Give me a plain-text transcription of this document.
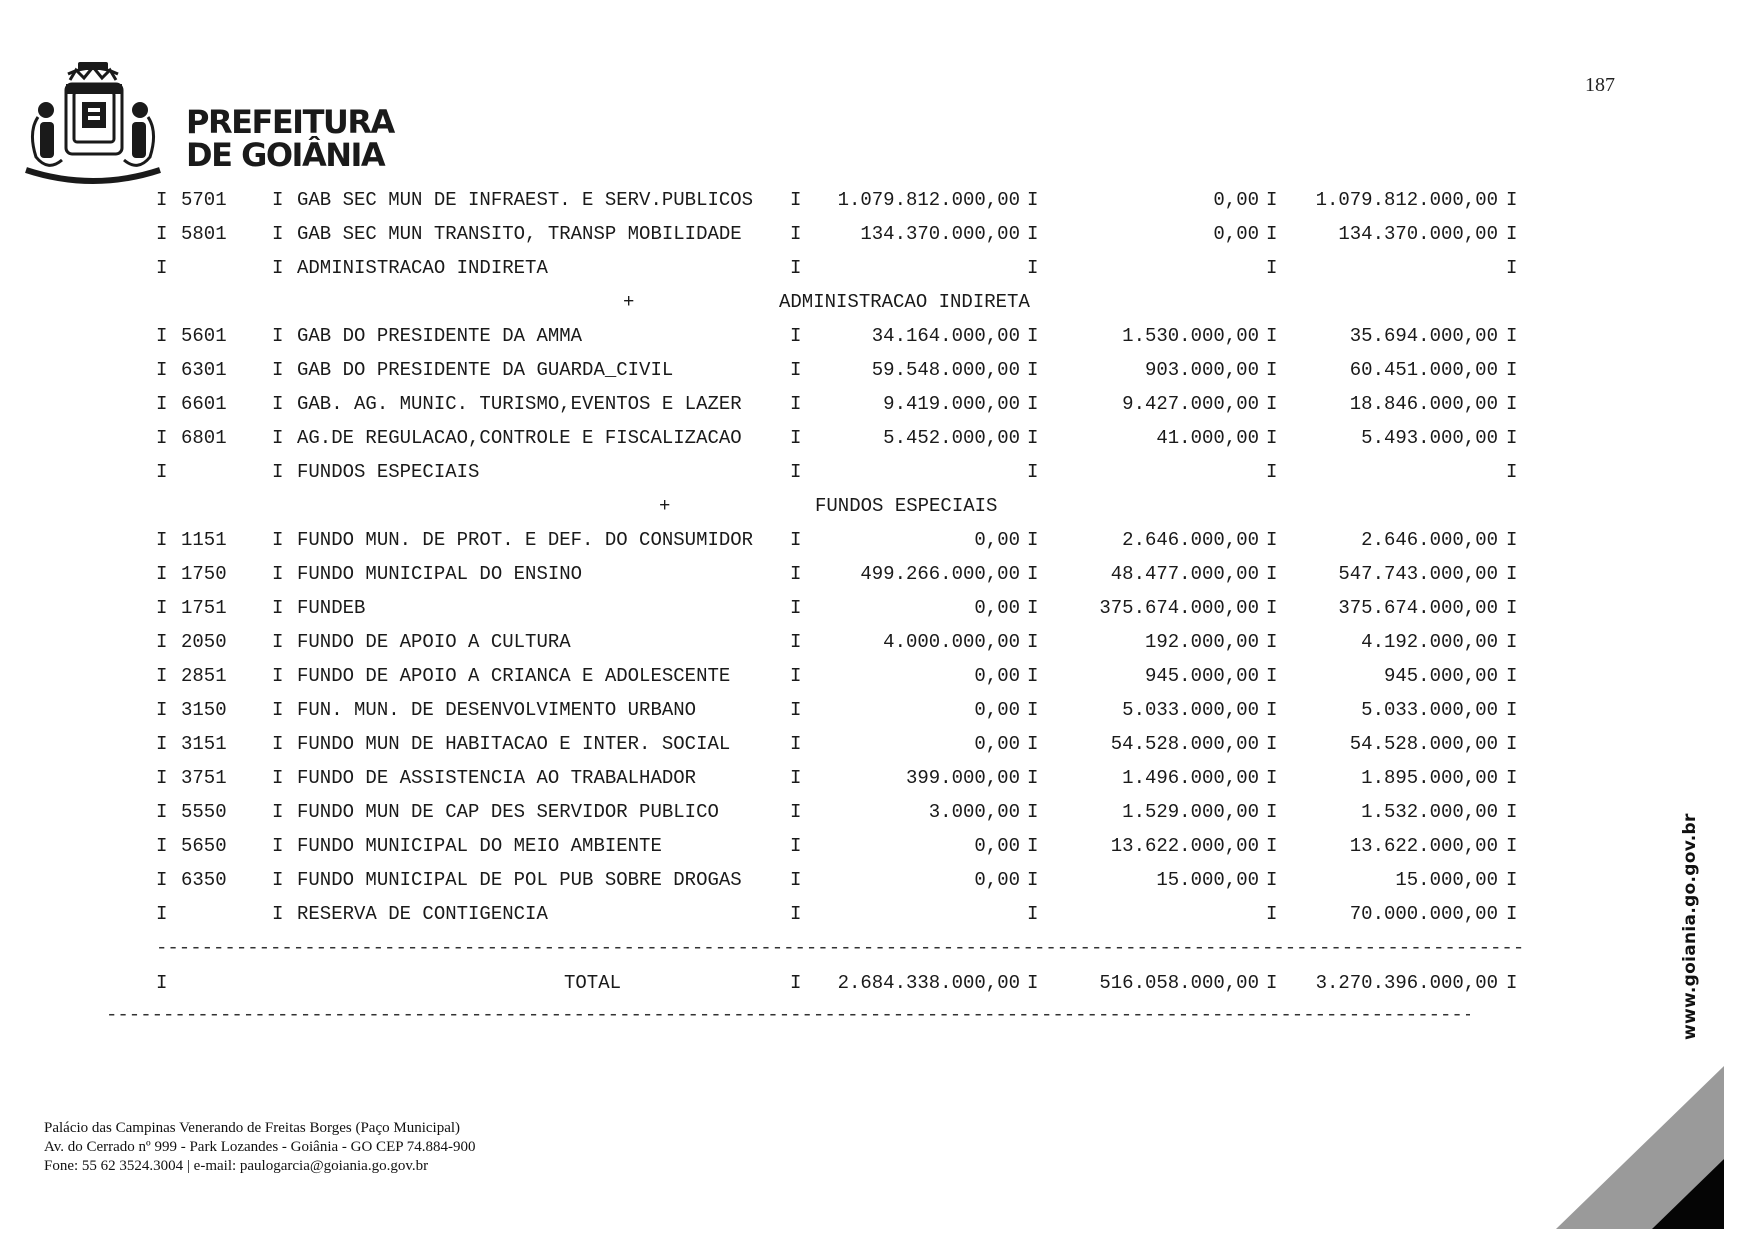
PREFEITURA
DE GOIÂNIA
187
I 5701 I GAB SEC MUN DE INFRAEST. E SERV.PUBLICOS I 1.079.812.000,00 I	0,00 I 1.079.812.000,00 I
I 5801 I GAB SEC MUN TRANSITO, TRANSP MOBILIDADE	I	134.370.000,00 I	0,00 I	134.370.000,00 I
I	I ADMINISTRACAO INDIRETA	I	I	I	I
+	ADMINISTRACAO INDIRETA
I 5601 I GAB DO PRESIDENTE DA AMMA	I	34.164.000,00 I	1.530.000,00 I	35.694.000,00 I
I 6301 I GAB DO PRESIDENTE DA GUARDA_CIVIL	I	59.548.000,00 I	903.000,00 I	60.451.000,00 I
I 6601 I GAB. AG. MUNIC. TURISMO,EVENTOS E LAZER	I	9.419.000,00 I	9.427.000,00 I	18.846.000,00 I
I 6801 I AG.DE REGULACAO,CONTROLE E FISCALIZACAO	I	5.452.000,00 I	41.000,00 I	5.493.000,00 I
I	I FUNDOS ESPECIAIS	I	I	I	I
+	FUNDOS ESPECIAIS
I 1151 I FUNDO MUN. DE PROT. E DEF. DO CONSUMIDOR I	0,00 I	2.646.000,00 I	2.646.000,00 I
I 1750 I FUNDO MUNICIPAL DO ENSINO	I	499.266.000,00 I	48.477.000,00 I	547.743.000,00 I
I 1751 I FUNDEB	I	0,00 I	375.674.000,00 I	375.674.000,00 I
I 2050 I FUNDO DE APOIO A CULTURA	I	4.000.000,00 I	192.000,00 I	4.192.000,00 I
I 2851 I FUNDO DE APOIO A CRIANCA E ADOLESCENTE	I	0,00 I	945.000,00 I	945.000,00 I
I 3150 I FUN. MUN. DE DESENVOLVIMENTO URBANO	I	0,00 I	5.033.000,00 I	5.033.000,00 I
I 3151 I FUNDO MUN DE HABITACAO E INTER. SOCIAL	I	0,00 I	54.528.000,00 I	54.528.000,00 I
I 3751 I FUNDO DE ASSISTENCIA AO TRABALHADOR	I	399.000,00 I	1.496.000,00 I	1.895.000,00 I
I 5550 I FUNDO MUN DE CAP DES SERVIDOR PUBLICO	I	3.000,00 I	1.529.000,00 I	1.532.000,00 I
I 5650 I FUNDO MUNICIPAL DO MEIO AMBIENTE	I	0,00 I	13.622.000,00 I	13.622.000,00 I
I 6350 I FUNDO MUNICIPAL DE POL PUB SOBRE DROGAS	I	0,00 I	15.000,00 I	15.000,00 I
I	I RESERVA DE CONTIGENCIA	I	I	I	70.000.000,00 I
-----
I	TOTAL	I 2.684.338.000,00 I	516.058.000,00 I 3.270.396.000,00 I
-----	www.goiania.go.gov.br
Palácio das Campinas Venerando de Freitas Borges (Paço Municipal)
Av. do Cerrado nº 999 - Park Lozandes - Goiânia - GO CEP 74.884-900
Fone: 55 62 3524.3004 | e-mail: paulogarcia@goiania.go.gov.br
